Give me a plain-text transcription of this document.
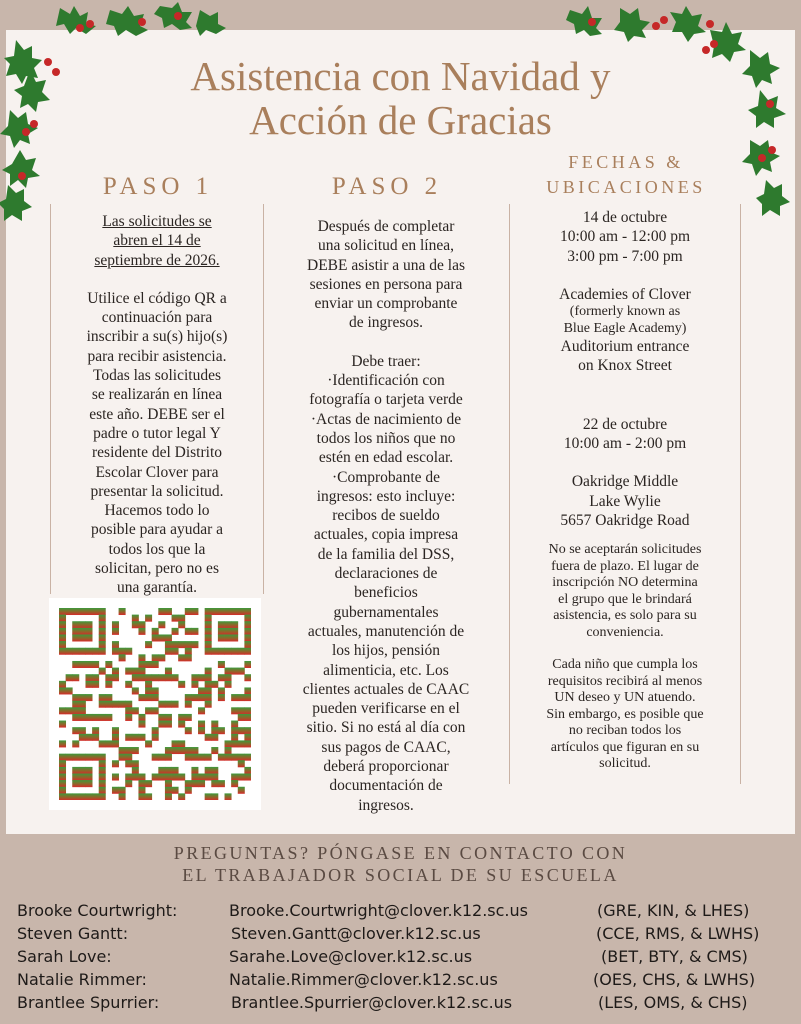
Asistencia con Navidad y
Acción de Gracias
PASO 1	PASO 2
FECHAS &
UBICACIONES

Las solicitudes se

abren el 14 de

septiembre de 2026.

Utilice el código QR a

continuación para

inscribir a su(s) hijo(s)

para recibir asistencia.

Todas las solicitudes

se realizarán en línea

este año. DEBE ser el

padre o tutor legal Y

residente del Distrito

Escolar Clover para

presentar la solicitud.

Hacemos todo lo

posible para ayudar a

todos los que la

solicitan, pero no es

una garantía.

Después de completar

una solicitud en línea,

DEBE asistir a una de las

sesiones en persona para

enviar un comprobante

de ingresos.

Debe traer:

·Identificación con

fotografía o tarjeta verde

·Actas de nacimiento de

todos los niños que no

estén en edad escolar.

·Comprobante de

ingresos: esto incluye:

recibos de sueldo

actuales, copia impresa

de la familia del DSS,

declaraciones de

beneficios

gubernamentales

actuales, manutención de

los hijos, pensión

alimenticia, etc. Los

clientes actuales de CAAC

pueden verificarse en el

sitio. Si no está al día con

sus pagos de CAAC,

deberá proporcionar

documentación de

ingresos.

14 de octubre

10:00 am - 12:00 pm

3:00 pm - 7:00 pm

Academies of Clover

(formerly known as

Blue Eagle Academy)

Auditorium entrance

on Knox Street

22 de octubre

10:00 am - 2:00 pm

Oakridge Middle

Lake Wylie

5657 Oakridge Road

No se aceptarán solicitudes

fuera de plazo. El lugar de

inscripción NO determina

el grupo que le brindará

asistencia, es solo para su

conveniencia.

Cada niño que cumpla los

requisitos recibirá al menos

UN deseo y UN atuendo.

Sin embargo, es posible que

no reciban todos los

artículos que figuran en su

solicitud.

PREGUNTAS? PÓNGASE EN CONTACTO CON
EL TRABAJADOR SOCIAL DE SU ESCUELA
Brooke Courtwright:	Brooke.Courtwright@clover.k12.sc.us	(GRE, KIN, & LHES)
Steven Gantt:	Steven.Gantt@clover.k12.sc.us	(CCE, RMS, & LWHS)
Sarah Love:	Sarahe.Love@clover.k12.sc.us	(BET, BTY, & CMS)
Natalie Rimmer:	Natalie.Rimmer@clover.k12.sc.us	(OES, CHS, & LWHS)
Brantlee Spurrier:	Brantlee.Spurrier@clover.k12.sc.us	(LES, OMS, & CHS)
